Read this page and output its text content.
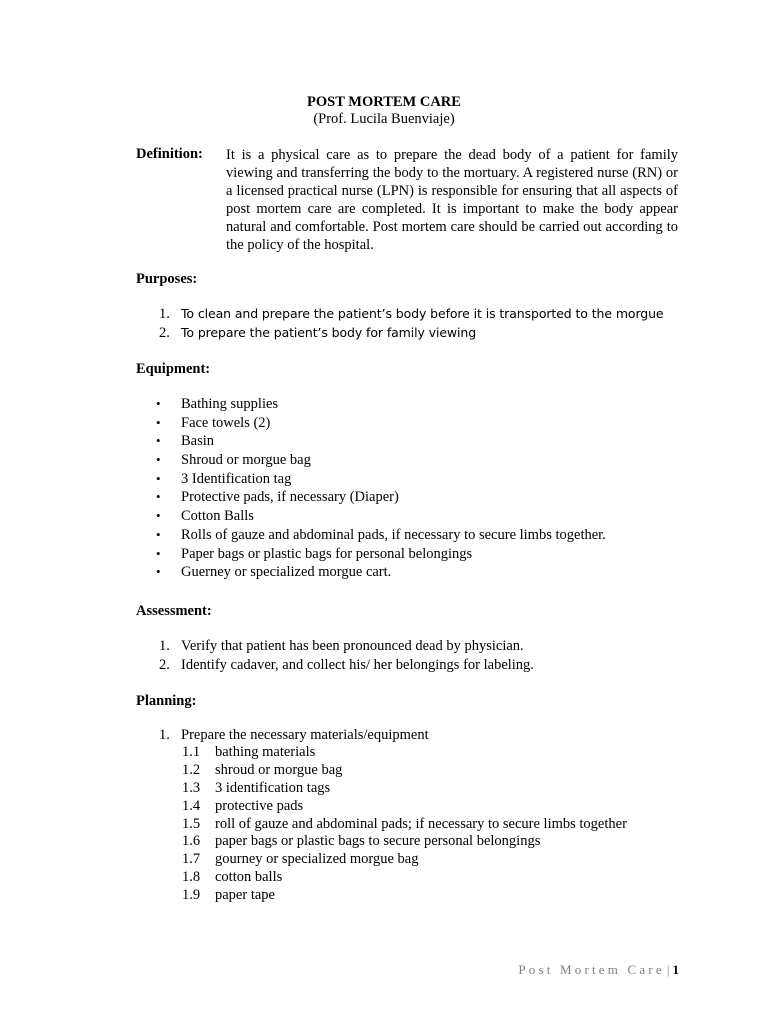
POST MORTEM CARE
(Prof. Lucila Buenviaje)
Definition: It is a physical care as to prepare the dead body of a patient for family viewing and transferring the body to the mortuary. A registered nurse (RN) or a licensed practical nurse (LPN) is responsible for ensuring that all aspects of post mortem care are completed. It is important to make the body appear natural and comfortable. Post mortem care should be carried out according to the policy of the hospital.
Purposes:
1. To clean and prepare the patient’s body before it is transported to the morgue
2. To prepare the patient’s body for family viewing
Equipment:
• Bathing supplies
• Face towels (2)
• Basin
• Shroud or morgue bag
• 3 Identification tag
• Protective pads, if necessary (Diaper)
• Cotton Balls
• Rolls of gauze and abdominal pads, if necessary to secure limbs together.
• Paper bags or plastic bags for personal belongings
• Guerney or specialized morgue cart.
Assessment:
1. Verify that patient has been pronounced dead by physician.
2. Identify cadaver, and collect his/ her belongings for labeling.
Planning:
1. Prepare the necessary materials/equipment
1.1 bathing materials
1.2 shroud or morgue bag
1.3 3 identification tags
1.4 protective pads
1.5 roll of gauze and abdominal pads; if necessary to secure limbs together
1.6 paper bags or plastic bags to secure personal belongings
1.7 gourney or specialized morgue bag
1.8 cotton balls
1.9 paper tape
Post Mortem Care | 1
